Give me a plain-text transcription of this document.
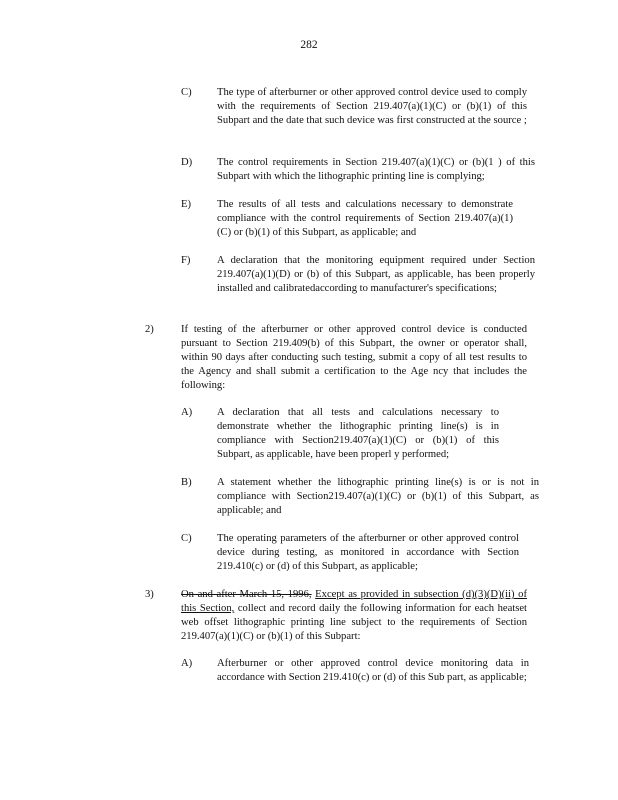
282
C) The type of afterburner or other approved control device used to comply with the requirements of Section 219.407(a)(1)(C) or (b)(1) of this Subpart and the date that such device was first constructed at the source ;
D) The control requirements in Section 219.407(a)(1)(C) or (b)(1 ) of this Subpart with which the lithographic printing line is complying;
E) The results of all tests and calculations necessary to demonstrate compliance with the control requirements of Section 219.407(a)(1)(C) or (b)(1) of this Subpart, as applicable; and
F)	A declaration that the monitoring equipment required under Section 219.407(a)(1)(D) or (b) of this Subpart, as applicable, has been properly installed and calibratedaccording to manufacturer's specifications;
2)	If testing of the afterburner or other approved control device is conducted pursuant to Section 219.409(b) of this Subpart, the owner or operator shall, within 90 days after conducting such testing, submit a copy of all test results to the Agency and shall submit a certification to the Age ncy that includes the following:
A) A declaration that all tests and calculations necessary to demonstrate whether the lithographic printing line(s) is in compliance with Section219.407(a)(1)(C) or (b)(1) of this Subpart, as applicable, have been properl y performed;
B) A statement whether the lithographic printing line(s) is or is not in compliance with Section219.407(a)(1)(C) or (b)(1) of this Subpart, as applicable; and
C) The operating parameters of the afterburner or other approved control device during testing, as monitored in accordance with Section 219.410(c) or (d) of this Subpart, as applicable;
3)	On and after March 15, 1996, Except as provided in subsection (d)(3)(D)(ii) of this Section, collect and record daily the following information for each heatset web offset lithographic printing line subject to the requirements of Section 219.407(a)(1)(C) or (b)(1) of this Subpart:
A) Afterburner or other approved control device monitoring data in accordance with Section 219.410(c) or (d) of this Sub part, as applicable;
